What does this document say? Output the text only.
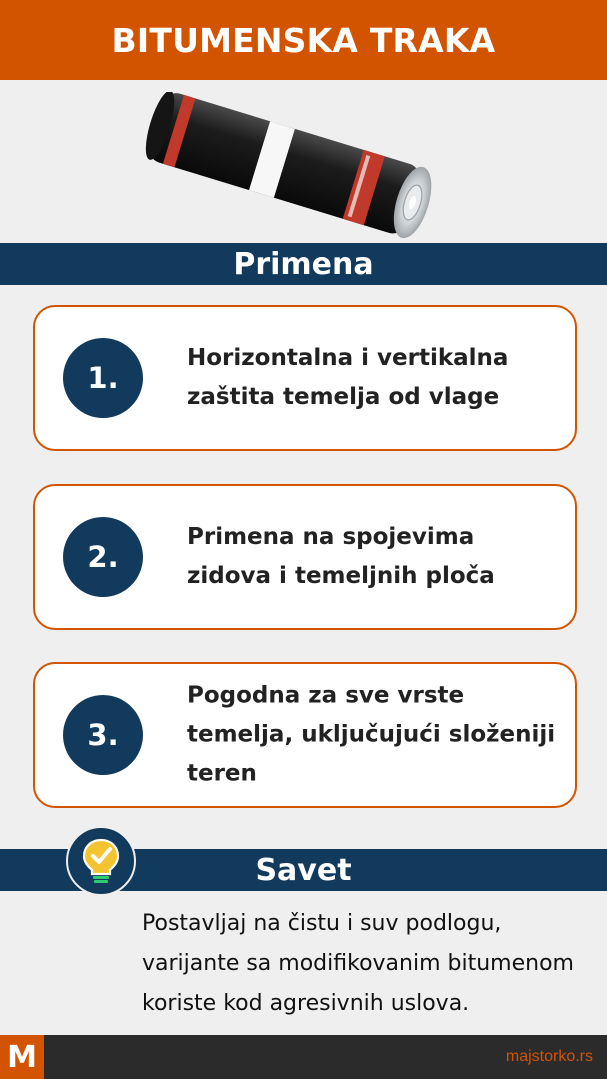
BITUMENSKA TRAKA
Primena
1.
Horizontalna i vertikalna zaštita temelja od vlage
2.
Primena na spojevima zidova i temeljnih ploča
3.
Pogodna za sve vrste temelja, uključujući složeniji teren
Savet
Postavljaj na čistu i suv podlogu, varijante sa modifikovanim bitumenom koriste kod agresivnih uslova.
M	majstorko.rs
